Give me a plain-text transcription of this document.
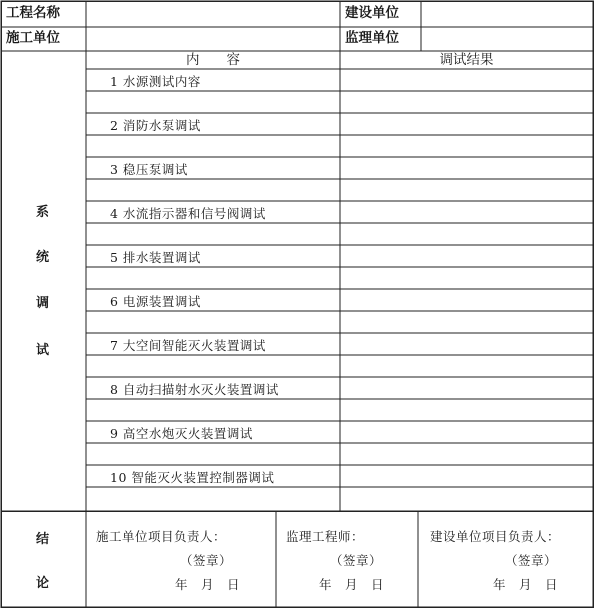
工程名称	建设单位
施工单位	监理单位
内　　容	调试结果
系
统
调
试
1 水源测试内容
2 消防水泵调试
3 稳压泵调试
4 水流指示器和信号阀调试
5 排水装置调试
6 电源装置调试
7 大空间智能灭火装置调试
8 自动扫描射水灭火装置调试
9 高空水炮灭火装置调试
10 智能灭火装置控制器调试
结
论
施工单位项目负责人：
（签章）
年　月　日
监理工程师：
（签章）
年　月　日
建设单位项目负责人：
（签章）
年　月　日
